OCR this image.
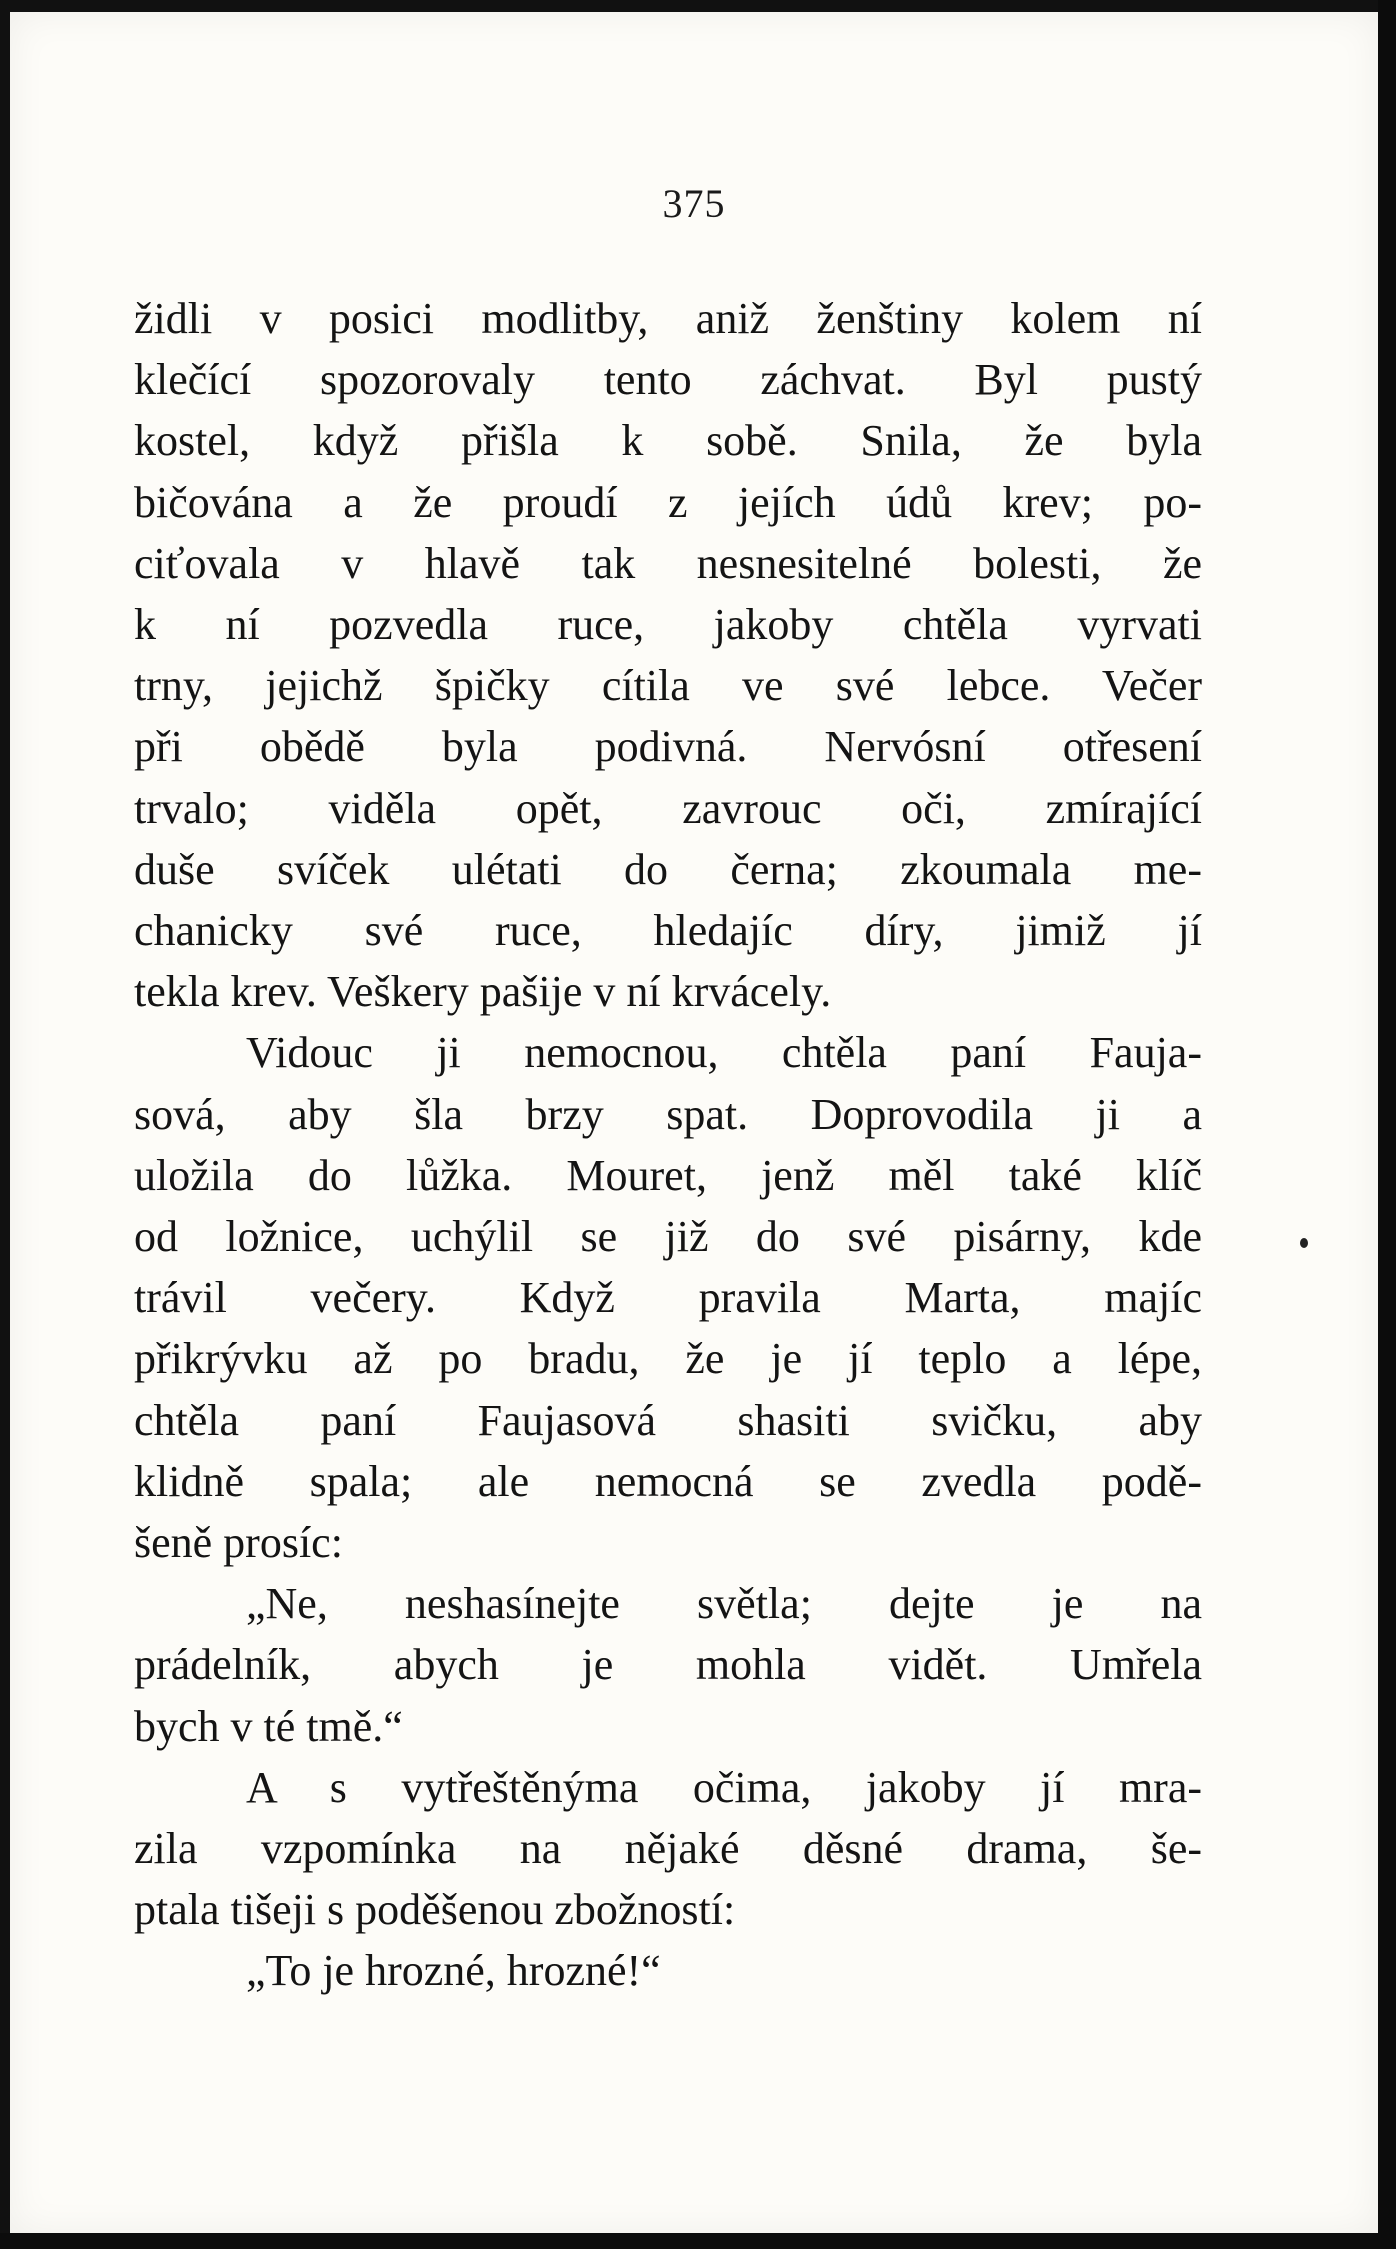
375
židli v posici modlitby, aniž ženštiny kolem ní
klečící spozorovaly tento záchvat. Byl pustý
kostel, když přišla k sobě. Snila, že byla
bičována a že proudí z jejích údů krev; po-
ciťovala v hlavě tak nesnesitelné bolesti, že
k ní pozvedla ruce, jakoby chtěla vyrvati
trny, jejichž špičky cítila ve své lebce. Večer
při obědě byla podivná. Nervósní otřesení
trvalo; viděla opět, zavrouc oči, zmírající
duše svíček ulétati do černa; zkoumala me-
chanicky své ruce, hledajíc díry, jimiž jí
tekla krev. Veškery pašije v ní krvácely.
Vidouc ji nemocnou, chtěla paní Fauja-
sová, aby šla brzy spat. Doprovodila ji a
uložila do lůžka. Mouret, jenž měl také klíč
od ložnice, uchýlil se již do své pisárny, kde
trávil večery. Když pravila Marta, majíc
přikrývku až po bradu, že je jí teplo a lépe,
chtěla paní Faujasová shasiti svičku, aby
klidně spala; ale nemocná se zvedla podě-
šeně prosíc:
„Ne, neshasínejte světla; dejte je na
prádelník, abych je mohla vidět. Umřela
bych v té tmě.“
A s vytřeštěnýma očima, jakoby jí mra-
zila vzpomínka na nějaké děsné drama, še-
ptala tišeji s poděšenou zbožností:
„To je hrozné, hrozné!“
